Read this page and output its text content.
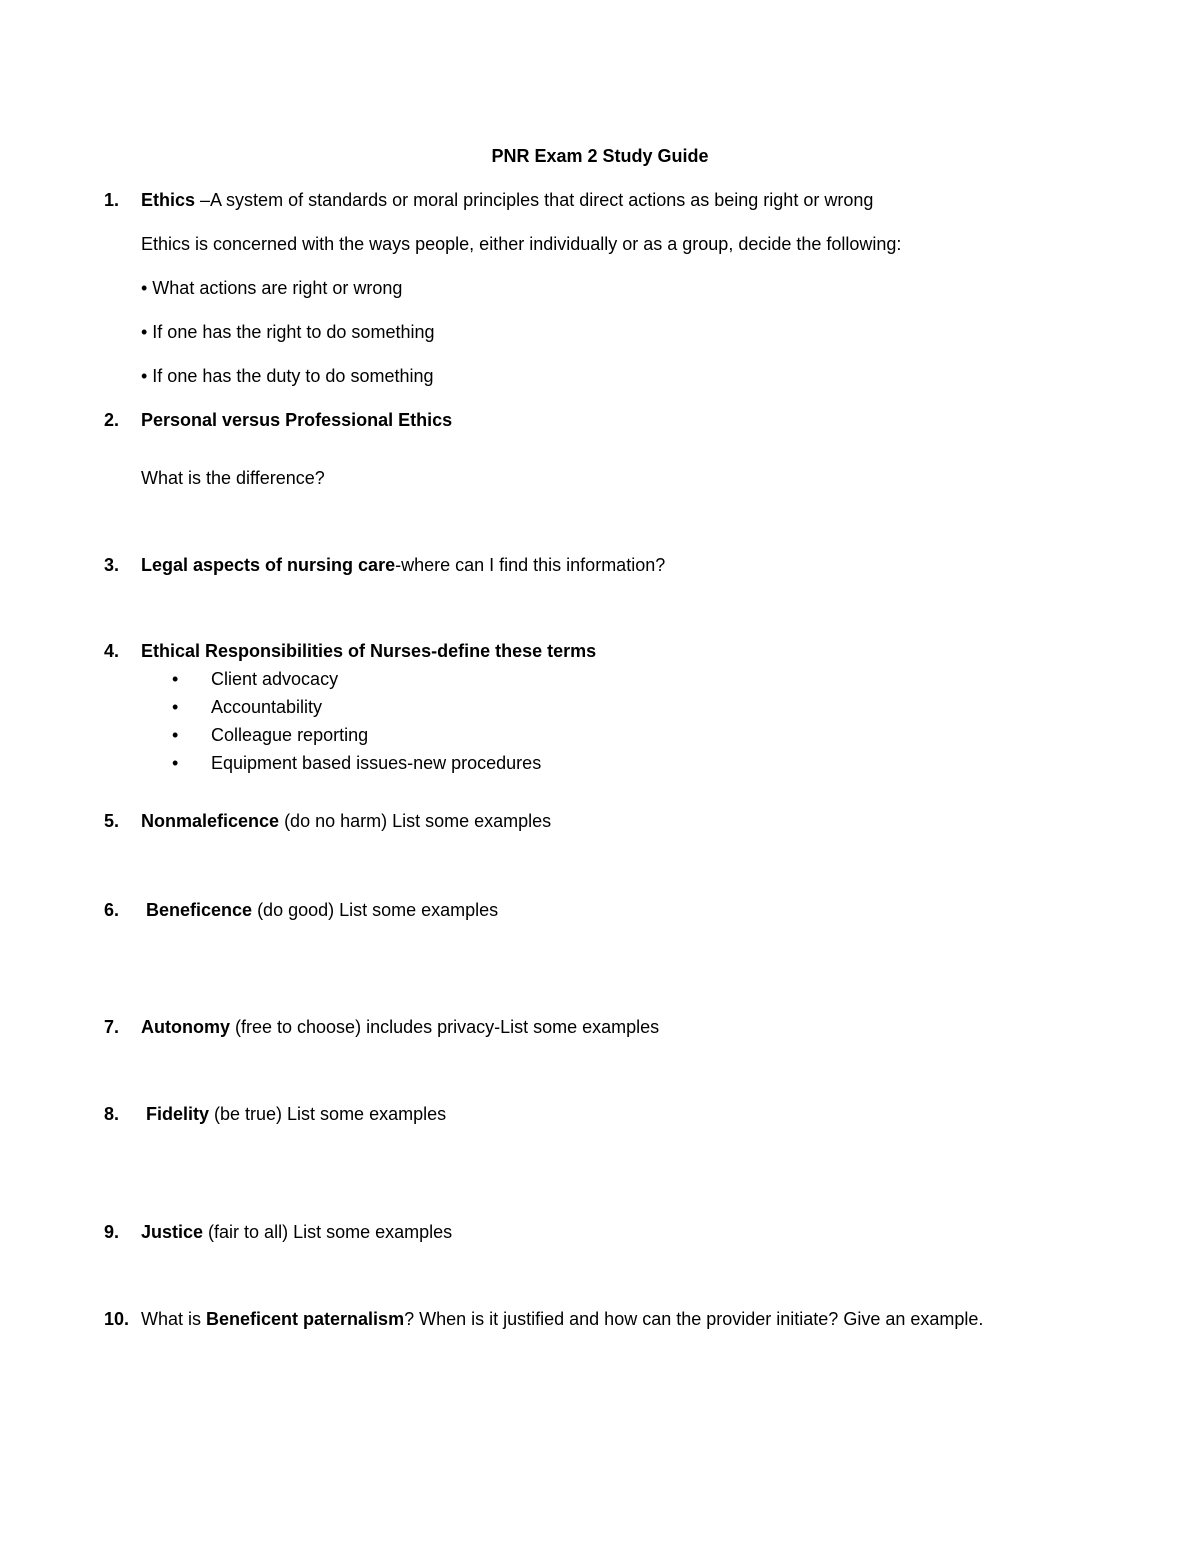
PNR Exam 2 Study Guide
1. Ethics –A system of standards or moral principles that direct actions as being right or wrong
Ethics is concerned with the ways people, either individually or as a group, decide the following:
• What actions are right or wrong
• If one has the right to do something
• If one has the duty to do something
2. Personal versus Professional Ethics
What is the difference?
3. Legal aspects of nursing care-where can I find this information?
4. Ethical Responsibilities of Nurses-define these terms
• Client advocacy
• Accountability
• Colleague reporting
• Equipment based issues-new procedures
5. Nonmaleficence (do no harm) List some examples
6. Beneficence (do good) List some examples
7. Autonomy (free to choose) includes privacy-List some examples
8. Fidelity (be true) List some examples
9. Justice (fair to all) List some examples
10. What is Beneficent paternalism? When is it justified and how can the provider initiate? Give an example.
